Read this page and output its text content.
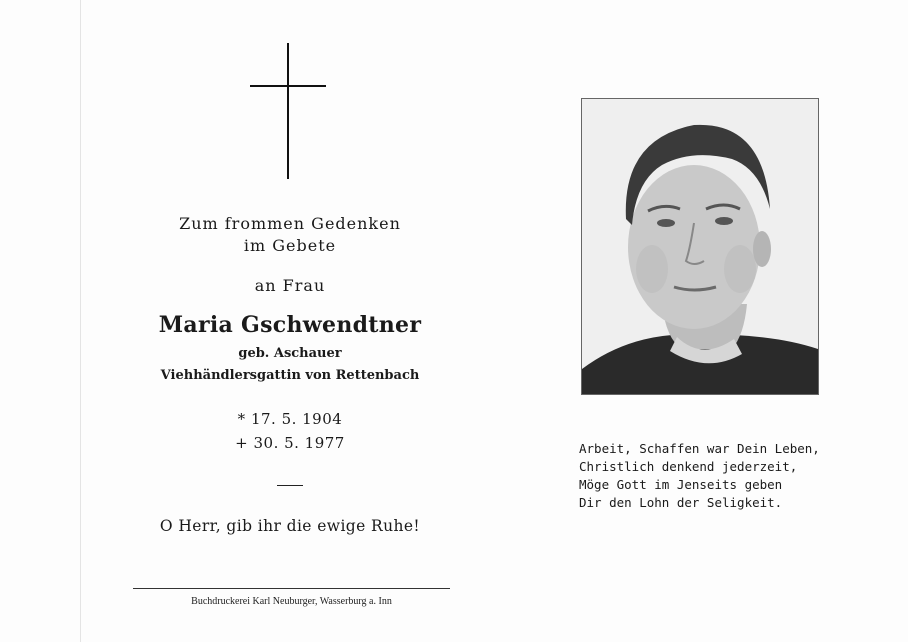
Zum frommen Gedenken
im Gebete
an Frau
Maria Gschwendtner
geb. Aschauer
Viehhändlersgattin von Rettenbach
* 17. 5. 1904
+ 30. 5. 1977
O Herr, gib ihr die ewige Ruhe!
Buchdruckerei Karl Neuburger, Wasserburg a. Inn
Arbeit, Schaffen war Dein Leben,
Christlich denkend jederzeit,
Möge Gott im Jenseits geben
Dir den Lohn der Seligkeit.
